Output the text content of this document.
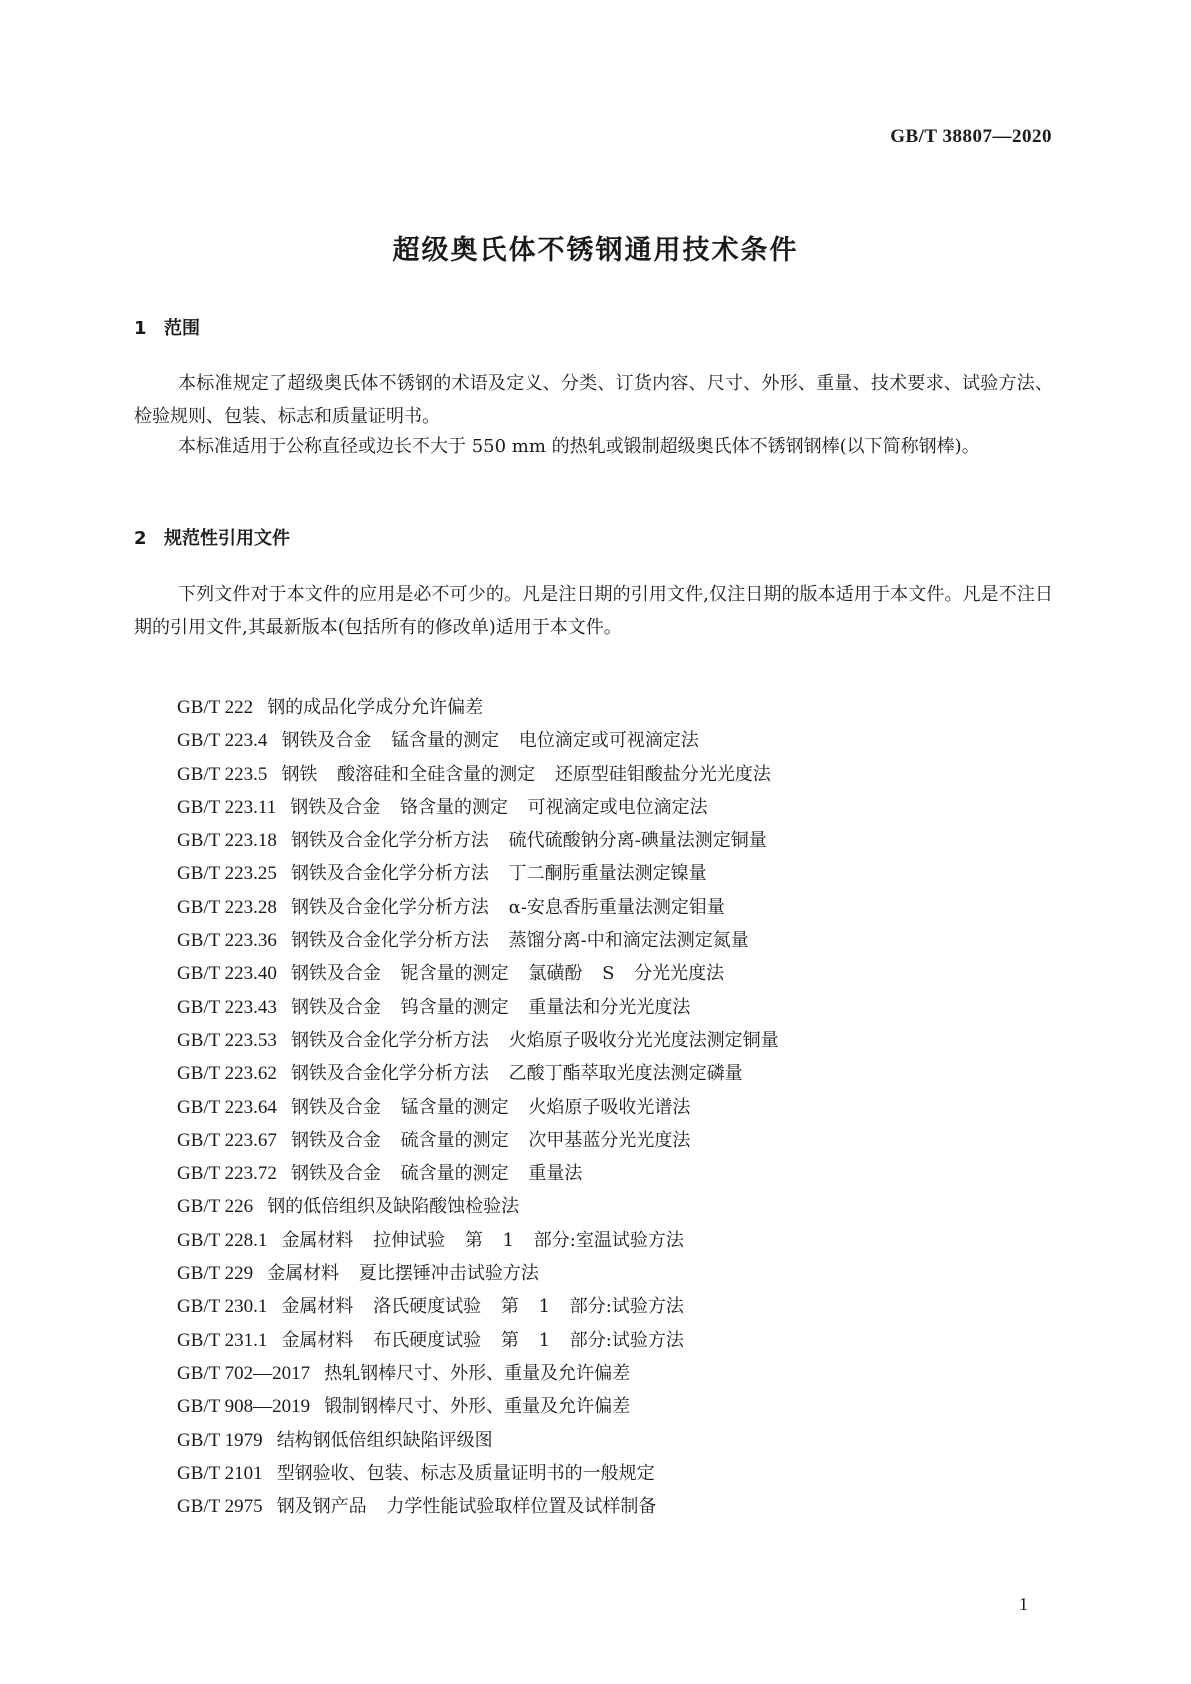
GB/T 38807—2020
超级奥氏体不锈钢通用技术条件
1 范围

本标准规定了超级奥氏体不锈钢的术语及定义、分类、订货内容、尺寸、外形、重量、技术要求、试验方法、检验规则、包装、标志和质量证明书。

本标准适用于公称直径或边长不大于 550 mm 的热轧或锻制超级奥氏体不锈钢钢棒(以下简称钢棒)。

2 规范性引用文件

下列文件对于本文件的应用是必不可少的。凡是注日期的引用文件,仅注日期的版本适用于本文件。凡是不注日期的引用文件,其最新版本(包括所有的修改单)适用于本文件。

GB/T 222 钢的成品化学成分允许偏差
GB/T 223.4 钢铁及合金 锰含量的测定 电位滴定或可视滴定法
GB/T 223.5 钢铁 酸溶硅和全硅含量的测定 还原型硅钼酸盐分光光度法
GB/T 223.11 钢铁及合金 铬含量的测定 可视滴定或电位滴定法
GB/T 223.18 钢铁及合金化学分析方法 硫代硫酸钠分离-碘量法测定铜量
GB/T 223.25 钢铁及合金化学分析方法 丁二酮肟重量法测定镍量
GB/T 223.28 钢铁及合金化学分析方法 α-安息香肟重量法测定钼量
GB/T 223.36 钢铁及合金化学分析方法 蒸馏分离-中和滴定法测定氮量
GB/T 223.40 钢铁及合金 铌含量的测定 氯磺酚 S 分光光度法
GB/T 223.43 钢铁及合金 钨含量的测定 重量法和分光光度法
GB/T 223.53 钢铁及合金化学分析方法 火焰原子吸收分光光度法测定铜量
GB/T 223.62 钢铁及合金化学分析方法 乙酸丁酯萃取光度法测定磷量
GB/T 223.64 钢铁及合金 锰含量的测定 火焰原子吸收光谱法
GB/T 223.67 钢铁及合金 硫含量的测定 次甲基蓝分光光度法
GB/T 223.72 钢铁及合金 硫含量的测定 重量法
GB/T 226 钢的低倍组织及缺陷酸蚀检验法
GB/T 228.1 金属材料 拉伸试验 第 1 部分:室温试验方法
GB/T 229 金属材料 夏比摆锤冲击试验方法
GB/T 230.1 金属材料 洛氏硬度试验 第 1 部分:试验方法
GB/T 231.1 金属材料 布氏硬度试验 第 1 部分:试验方法
GB/T 702—2017 热轧钢棒尺寸、外形、重量及允许偏差
GB/T 908—2019 锻制钢棒尺寸、外形、重量及允许偏差
GB/T 1979 结构钢低倍组织缺陷评级图
GB/T 2101 型钢验收、包装、标志及质量证明书的一般规定
GB/T 2975 钢及钢产品 力学性能试验取样位置及试样制备
1
